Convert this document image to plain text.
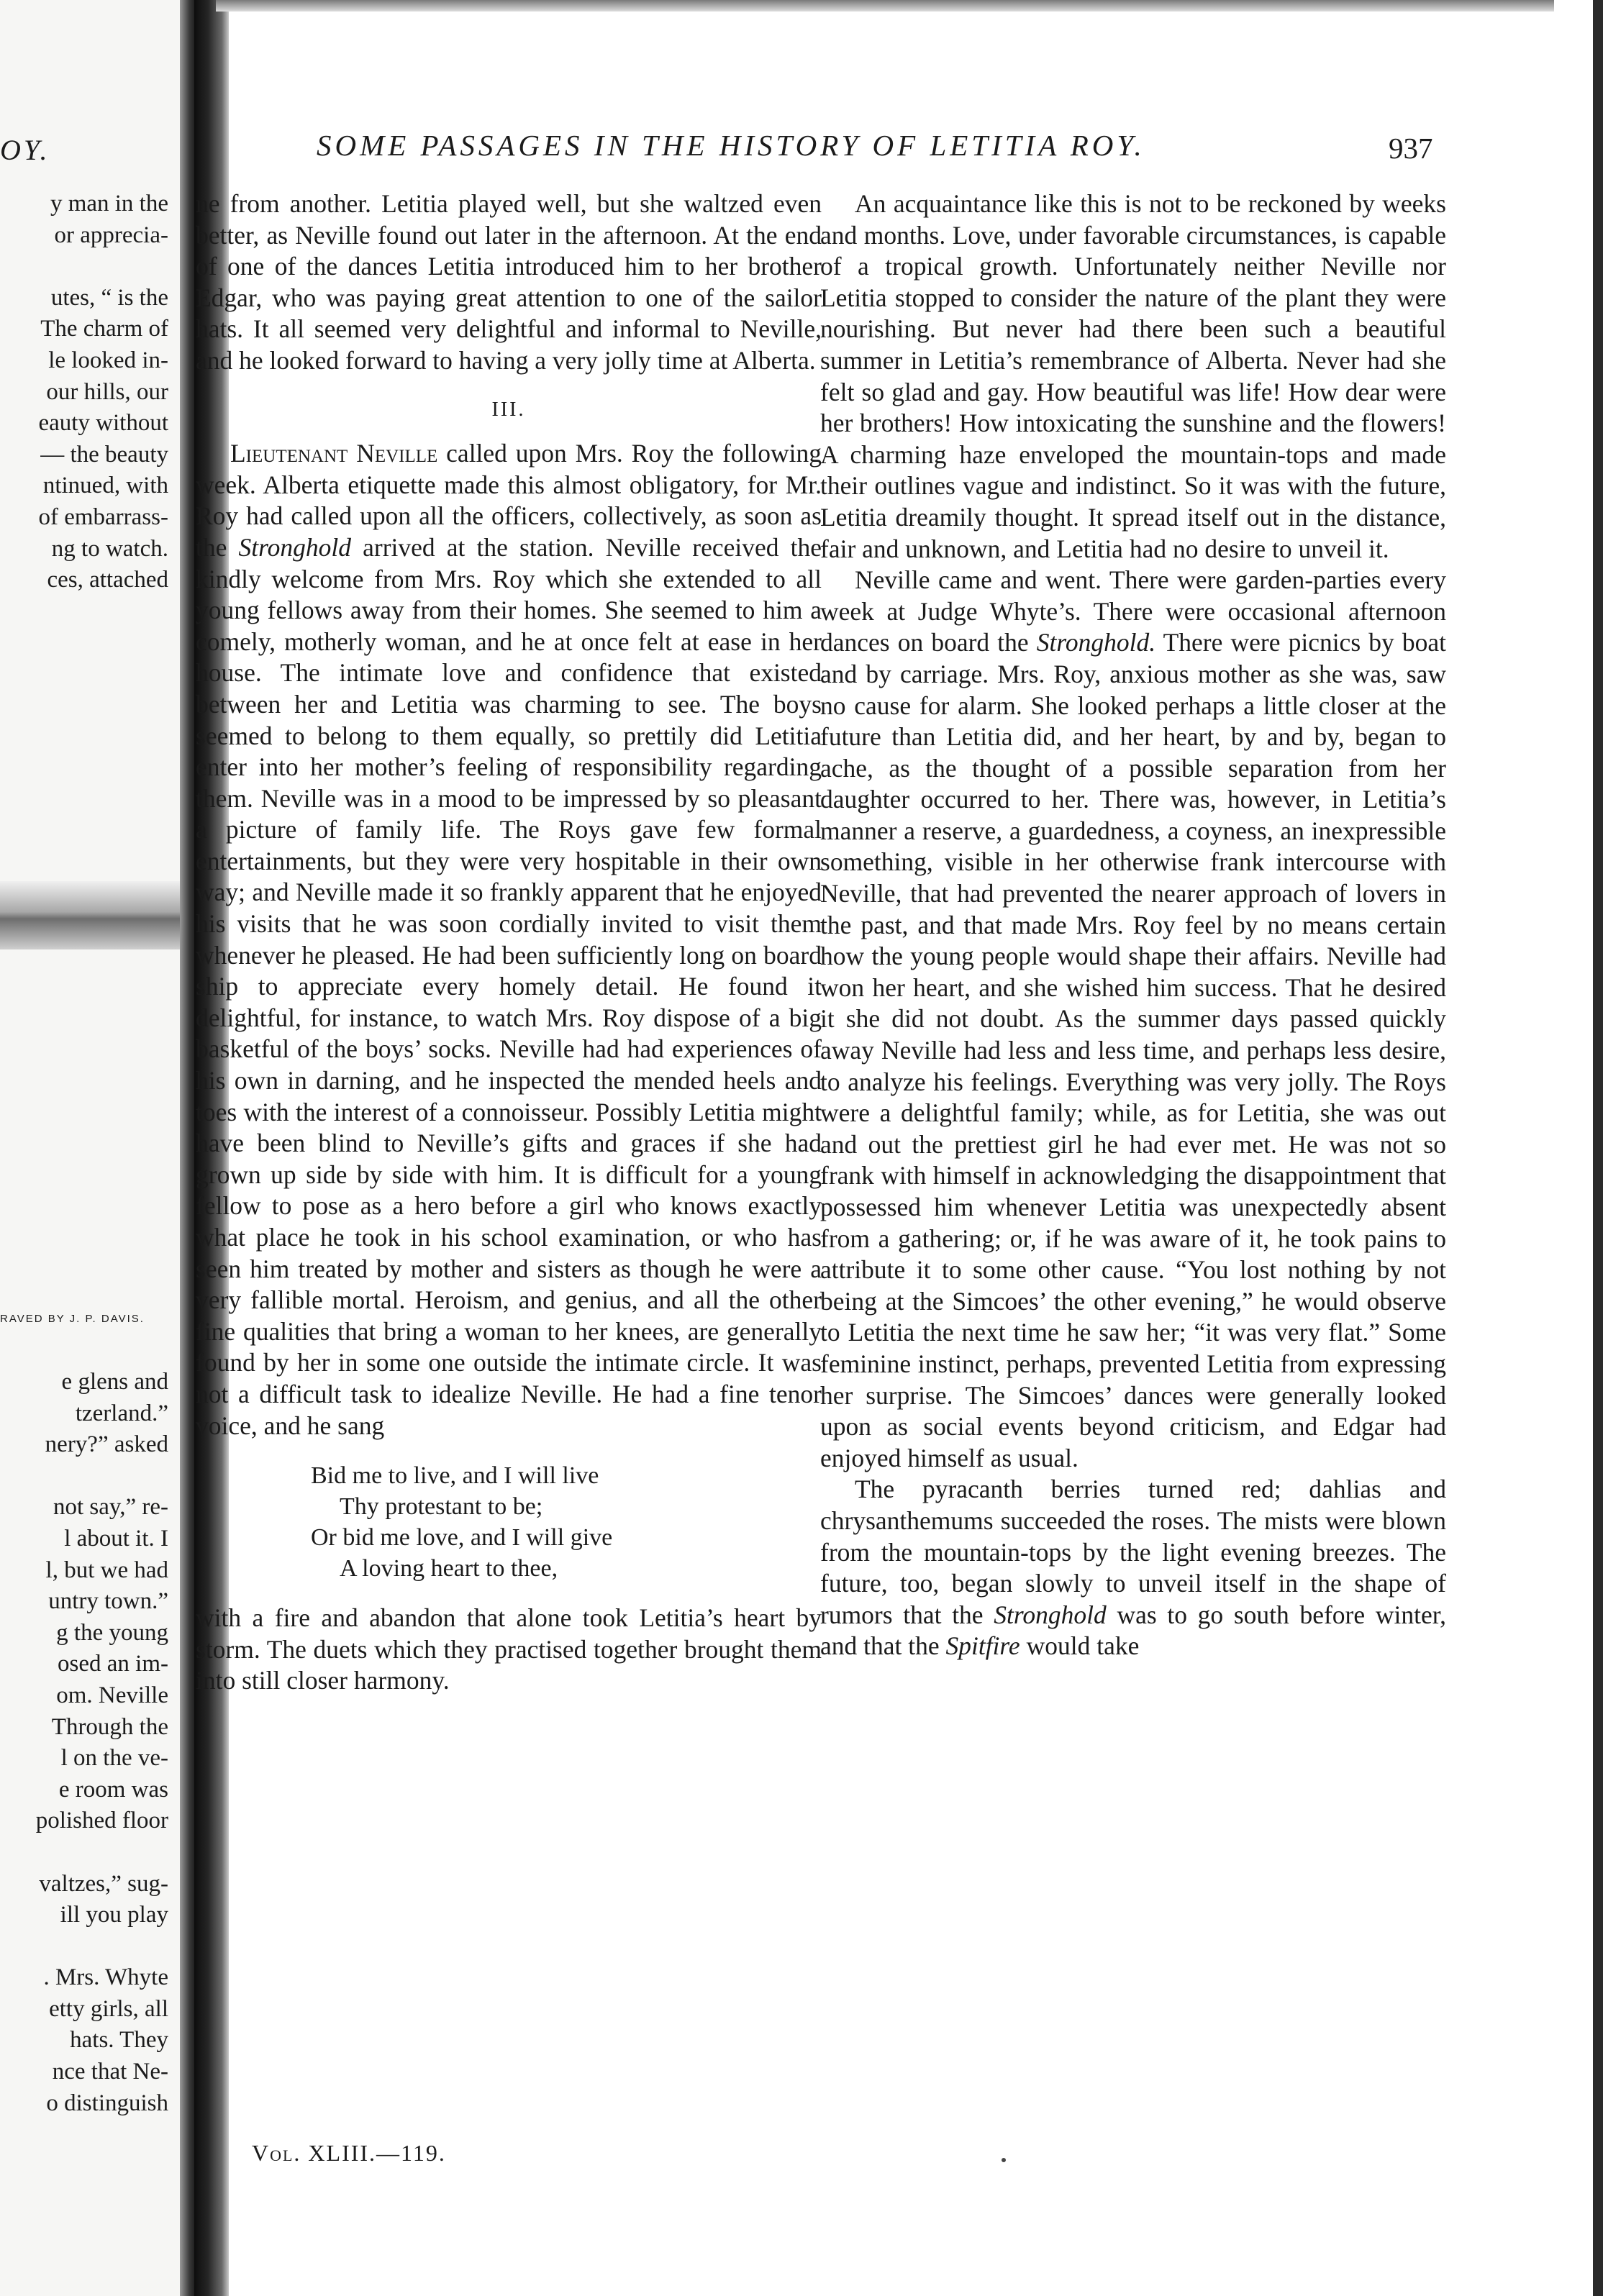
OY.
y man in the
or appreciа-

utes, “ is the
The charm of
le looked in-
our hills, our
eauty without
— the beauty
ntinued, with
of embarrass-
ng to watch.
ces, attached
RAVED BY J. P. DAVIS.
e glens and
tzerland.”
nery?” asked

not say,” re-
l about it. I
l, but we had
untry town.”
g the young
osed an im-
om. Neville
Through the
l on the ve-
e room was
polished floor

valtzes,” sug-
ill you play

. Mrs. Whyte
etty girls, all
hats. They
nce that Ne-
o distinguish
SOME PASSAGES IN THE HISTORY OF LETITIA ROY.	937

ne from another. Letitia played well, but she waltzed even better, as Neville found out later in the afternoon. At the end of one of the dances Letitia introduced him to her brother Edgar, who was paying great attention to one of the sailor hats. It all seemed very delightful and informal to Neville, and he looked forward to having a very jolly time at Alberta.

III.

Lieutenant Neville called upon Mrs. Roy the following week. Alberta etiquette made this almost obligatory, for Mr. Roy had called upon all the officers, collectively, as soon as the Stronghold arrived at the station. Neville received the kindly welcome from Mrs. Roy which she extended to all young fellows away from their homes. She seemed to him a comely, motherly woman, and he at once felt at ease in her house. The intimate love and confidence that existed between her and Letitia was charming to see. The boys seemed to belong to them equally, so prettily did Letitia enter into her mother’s feeling of responsibility regarding them. Neville was in a mood to be impressed by so pleasant a picture of family life. The Roys gave few formal entertainments, but they were very hospitable in their own way; and Neville made it so frankly apparent that he enjoyed his visits that he was soon cordially invited to visit them whenever he pleased. He had been sufficiently long on board ship to appreciate every homely detail. He found it delightful, for instance, to watch Mrs. Roy dispose of a big basketful of the boys’ socks. Neville had had experiences of his own in darning, and he inspected the mended heels and toes with the interest of a connoisseur. Possibly Letitia might have been blind to Neville’s gifts and graces if she had grown up side by side with him. It is difficult for a young fellow to pose as a hero before a girl who knows exactly what place he took in his school examination, or who has seen him treated by mother and sisters as though he were a very fallible mortal. Heroism, and genius, and all the other fine qualities that bring a woman to her knees, are generally found by her in some one outside the intimate circle. It was not a difficult task to idealize Neville. He had a fine tenor voice, and he sang

Bid me to live, and I will live
Thy protestant to be;
Or bid me love, and I will give
A loving heart to thee,

with a fire and abandon that alone took Letitia’s heart by storm. The duets which they practised together brought them into still closer harmony.

An acquaintance like this is not to be reckoned by weeks and months. Love, under favorable circumstances, is capable of a tropical growth. Unfortunately neither Neville nor Letitia stopped to consider the nature of the plant they were nourishing. But never had there been such a beautiful summer in Letitia’s remembrance of Alberta. Never had she felt so glad and gay. How beautiful was life! How dear were her brothers! How intoxicating the sunshine and the flowers! A charming haze enveloped the mountain-tops and made their outlines vague and indistinct. So it was with the future, Letitia dreamily thought. It spread itself out in the distance, fair and unknown, and Letitia had no desire to unveil it.

Neville came and went. There were garden-parties every week at Judge Whyte’s. There were occasional afternoon dances on board the Stronghold. There were picnics by boat and by carriage. Mrs. Roy, anxious mother as she was, saw no cause for alarm. She looked perhaps a little closer at the future than Letitia did, and her heart, by and by, began to ache, as the thought of a possible separation from her daughter occurred to her. There was, however, in Letitia’s manner a reserve, a guardedness, a coyness, an inexpressible something, visible in her otherwise frank intercourse with Neville, that had prevented the nearer approach of lovers in the past, and that made Mrs. Roy feel by no means certain how the young people would shape their affairs. Neville had won her heart, and she wished him success. That he desired it she did not doubt. As the summer days passed quickly away Neville had less and less time, and perhaps less desire, to analyze his feelings. Everything was very jolly. The Roys were a delightful family; while, as for Letitia, she was out and out the prettiest girl he had ever met. He was not so frank with himself in acknowledging the disappointment that possessed him whenever Letitia was unexpectedly absent from a gathering; or, if he was aware of it, he took pains to attribute it to some other cause. “You lost nothing by not being at the Simcoes’ the other evening,” he would observe to Letitia the next time he saw her; “it was very flat.” Some feminine instinct, perhaps, prevented Letitia from expressing her surprise. The Simcoes’ dances were generally looked upon as social events beyond criticism, and Edgar had enjoyed himself as usual.

The pyracanth berries turned red; dahlias and chrysanthemums succeeded the roses. The mists were blown from the mountain-tops by the light evening breezes. The future, too, began slowly to unveil itself in the shape of rumors that the Stronghold was to go south before winter, and that the Spitfire would take

Vol. XLIII.—119.
